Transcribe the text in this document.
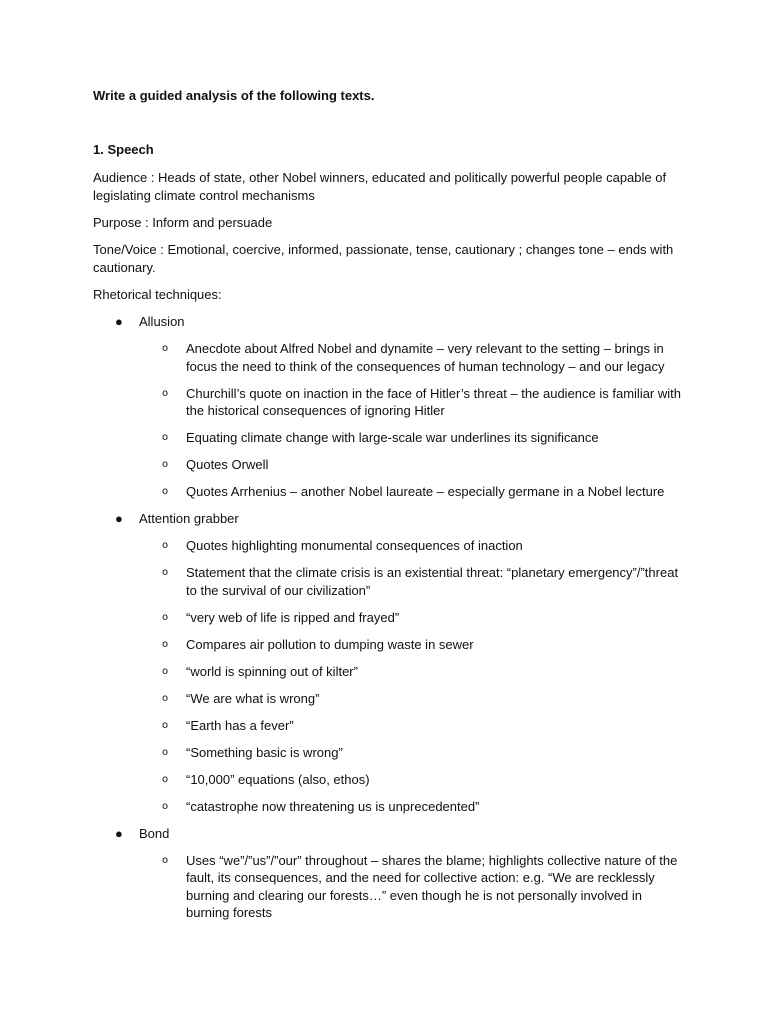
Write a guided analysis of the following texts.

1. Speech

Audience : Heads of state, other Nobel winners, educated and politically powerful people capable of legislating climate control mechanisms

Purpose : Inform and persuade

Tone/Voice : Emotional, coercive, informed, passionate, tense, cautionary ; changes tone – ends with cautionary.

Rhetorical techniques:

● Allusion
o Anecdote about Alfred Nobel and dynamite – very relevant to the setting – brings in focus the need to think of the consequences of human technology – and our legacy
o Churchill’s quote on inaction in the face of Hitler’s threat – the audience is familiar with the historical consequences of ignoring Hitler
o Equating climate change with large-scale war underlines its significance
o Quotes Orwell
o Quotes Arrhenius – another Nobel laureate – especially germane in a Nobel lecture
● Attention grabber
o Quotes highlighting monumental consequences of inaction
o Statement that the climate crisis is an existential threat: “planetary emergency”/”threat to the survival of our civilization”
o “very web of life is ripped and frayed”
o Compares air pollution to dumping waste in sewer
o “world is spinning out of kilter”
o “We are what is wrong”
o “Earth has a fever”
o “Something basic is wrong”
o “10,000” equations (also, ethos)
o “catastrophe now threatening us is unprecedented”
● Bond
o Uses “we”/”us”/”our” throughout – shares the blame; highlights collective nature of the fault, its consequences, and the need for collective action: e.g. “We are recklessly burning and clearing our forests…” even though he is not personally involved in burning forests
